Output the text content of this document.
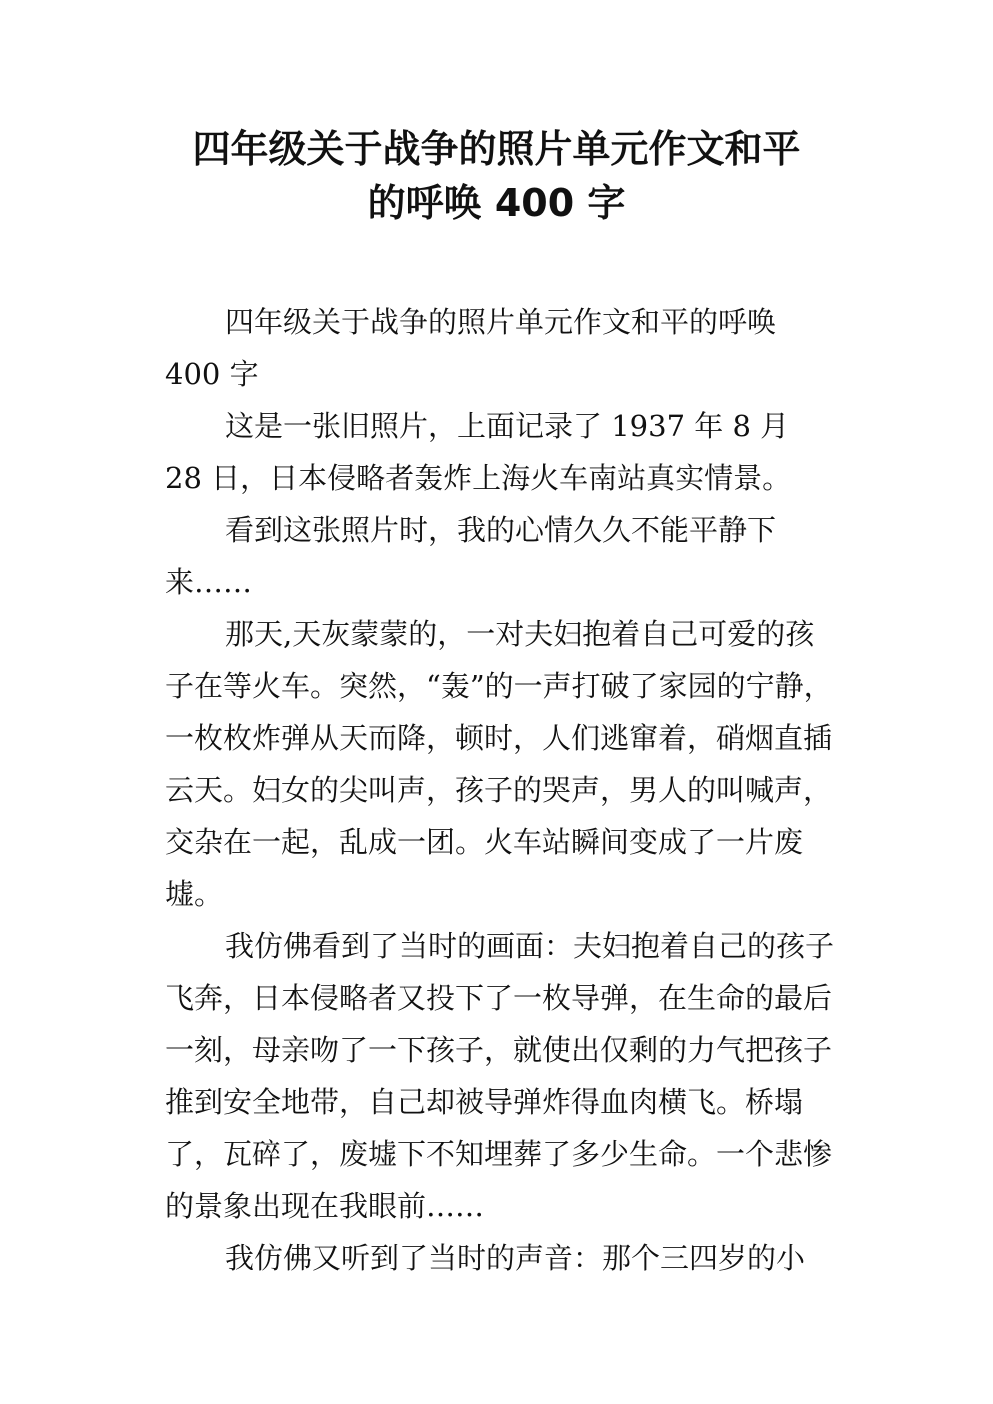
四年级关于战争的照片单元作文和平
的呼唤 400 字

四年级关于战争的照片单元作文和平的呼唤 400 字

这是一张旧照片，上面记录了 1937 年 8 月 28 日，日本侵略者轰炸上海火车南站真实情景。

看到这张照片时，我的心情久久不能平静下来……

那天,天灰蒙蒙的，一对夫妇抱着自己可爱的孩子在等火车。突然，“轰”的一声打破了家园的宁静，一枚枚炸弹从天而降，顿时，人们逃窜着，硝烟直插云天。妇女的尖叫声，孩子的哭声，男人的叫喊声，交杂在一起，乱成一团。火车站瞬间变成了一片废墟。

我仿佛看到了当时的画面：夫妇抱着自己的孩子飞奔，日本侵略者又投下了一枚导弹，在生命的最后一刻，母亲吻了一下孩子，就使出仅剩的力气把孩子推到安全地带，自己却被导弹炸得血肉横飞。桥塌了，瓦碎了，废墟下不知埋葬了多少生命。一个悲惨的景象出现在我眼前……

我仿佛又听到了当时的声音：那个三四岁的小
